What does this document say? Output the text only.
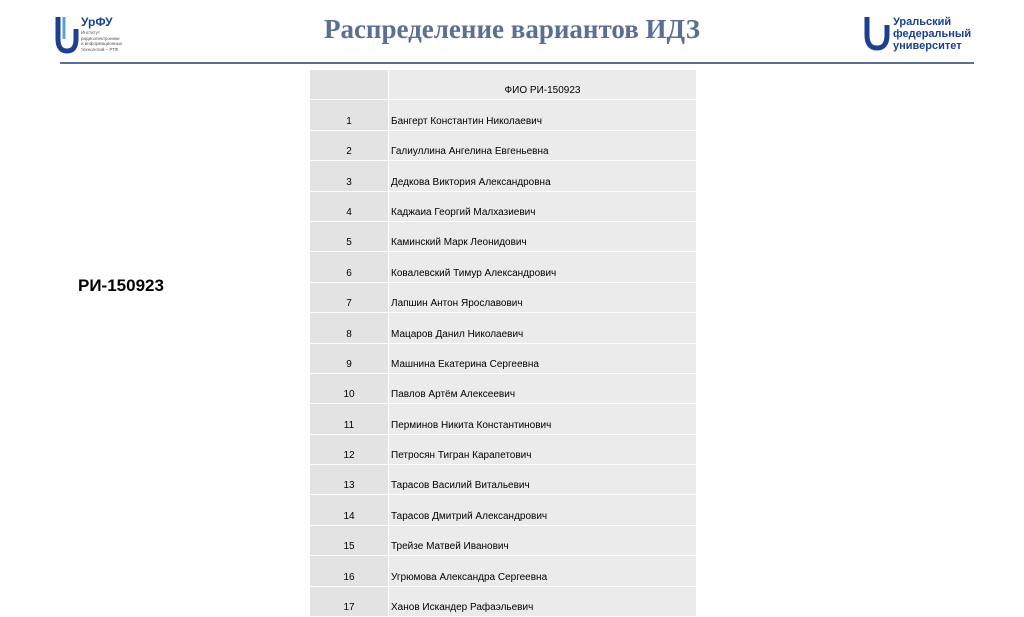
УрФУ
Институт
радиоэлектроники
и информационных
технологий – РТФ
Распределение вариантов ИДЗ	Уральский
федеральный
университет
РИ-150923
	ФИО РИ-150923
1	Бангерт Константин Николаевич
2	Галиуллина Ангелина Евгеньевна
3	Дедкова Виктория Александровна
4	Каджаиа Георгий Малхазиевич
5	Каминский Марк Леонидович
6	Ковалевский Тимур Александрович
7	Лапшин Антон Ярославович
8	Мацаров Данил Николаевич
9	Машнина Екатерина Сергеевна
10	Павлов Артём Алексеевич
11	Перминов Никита Константинович
12	Петросян Тигран Карапетович
13	Тарасов Василий Витальевич
14	Тарасов Дмитрий Александрович
15	Трейзе Матвей Иванович
16	Угрюмова Александра Сергеевна
17	Ханов Искандер Рафаэльевич
